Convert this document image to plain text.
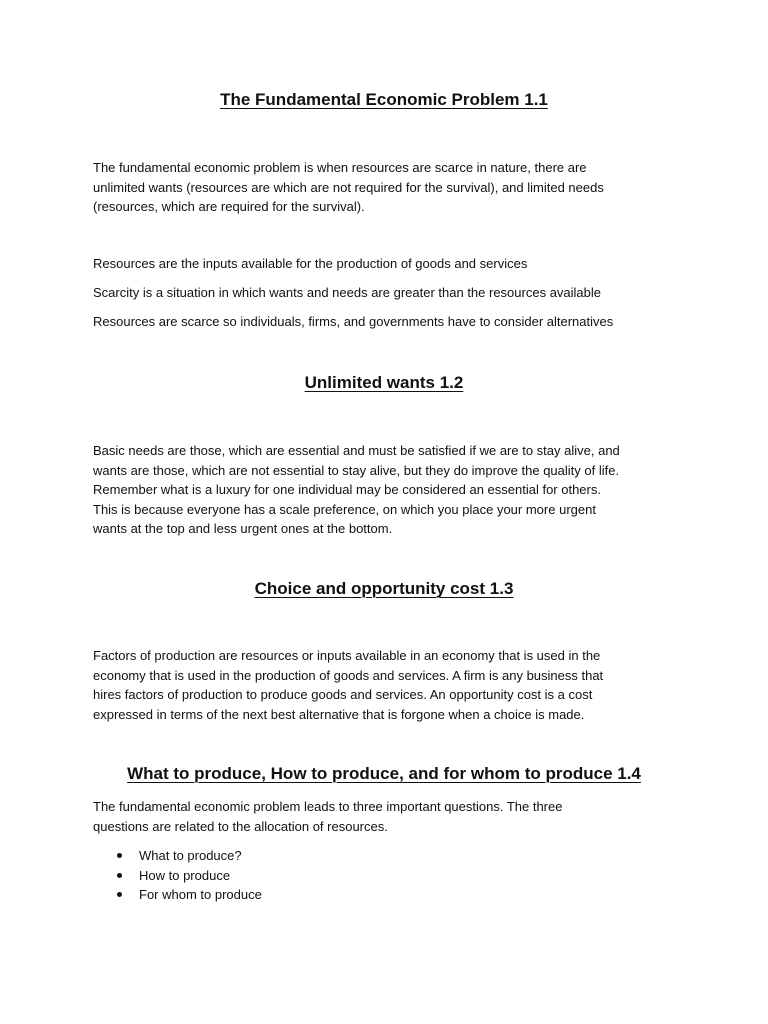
The Fundamental Economic Problem 1.1

The fundamental economic problem is when resources are scarce in nature, there are
unlimited wants (resources are which are not required for the survival), and limited needs
(resources, which are required for the survival).

Resources are the inputs available for the production of goods and services

Scarcity is a situation in which wants and needs are greater than the resources available

Resources are scarce so individuals, firms, and governments have to consider alternatives

Unlimited wants 1.2

Basic needs are those, which are essential and must be satisfied if we are to stay alive, and
wants are those, which are not essential to stay alive, but they do improve the quality of life.
Remember what is a luxury for one individual may be considered an essential for others.
This is because everyone has a scale preference, on which you place your more urgent
wants at the top and less urgent ones at the bottom.

Choice and opportunity cost 1.3

Factors of production are resources or inputs available in an economy that is used in the
economy that is used in the production of goods and services. A firm is any business that
hires factors of production to produce goods and services. An opportunity cost is a cost
expressed in terms of the next best alternative that is forgone when a choice is made.

What to produce, How to produce, and for whom to produce 1.4

The fundamental economic problem leads to three important questions. The three
questions are related to the allocation of resources.

What to produce?
How to produce
For whom to produce
